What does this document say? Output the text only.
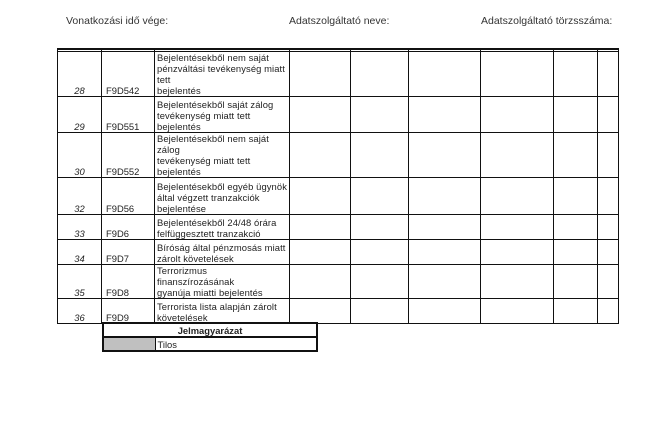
Vonatkozási idő vége:	Adatszolgáltató neve:	Adatszolgáltató törzsszáma:

28	F9D542	Bejelentésekből nem saját
pénzváltási tevékenység miatt tett
bejelentés						

29	F9D551	Bejelentésekből saját zálog
tevékenység miatt tett bejelentés						

30	F9D552	Bejelentésekből nem saját zálog
tevékenység miatt tett bejelentés						

32	F9D56	Bejelentésekből egyéb ügynök
által végzett tranzakciók
bejelentése						

33	F9D6	Bejelentésekből 24/48 órára
felfüggesztett tranzakció						

34	F9D7	Bíróság által pénzmosás miatt
zárolt követelések						

35	F9D8	Terrorizmus finanszírozásának
gyanúja miatti bejelentés						

36	F9D9	Terrorista lista alapján zárolt
követelések						

Jelmagyarázat
	Tilos
